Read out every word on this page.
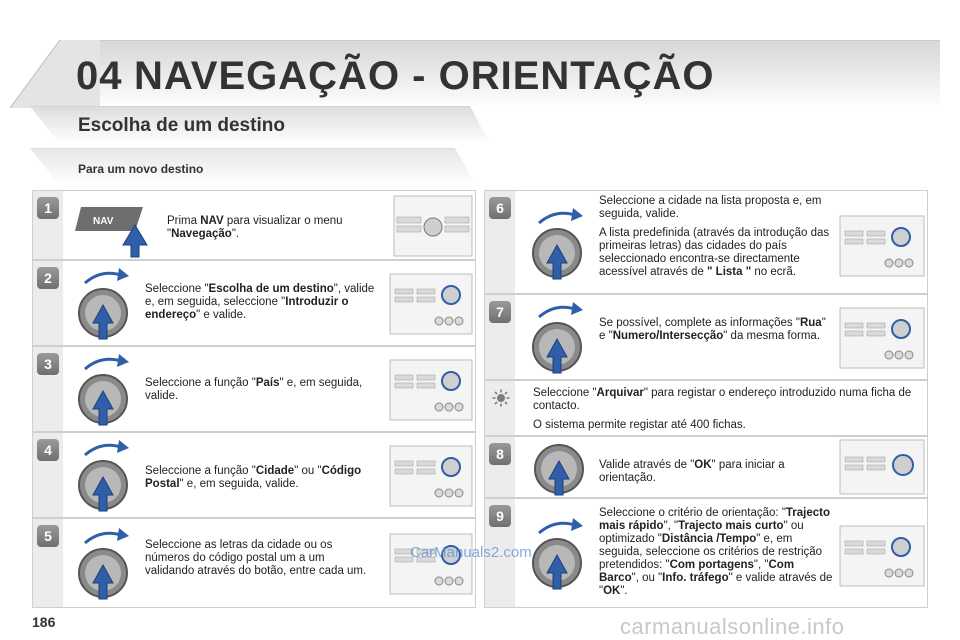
04 NAVEGAÇÃO - ORIENTAÇÃO
Escolha de um destino
Para um novo destino
1
NAV	Prima NAV para visualizar o menu "Navegação".
2
Seleccione "Escolha de um destino", valide e, em seguida, seleccione "Introduzir o endereço" e valide.
3
Seleccione a função "País" e, em seguida, valide.
4
Seleccione a função "Cidade" ou "Código Postal" e, em seguida, valide.
5
Seleccione as letras da cidade ou os números do código postal um a um validando através do botão, entre cada um.
6	Seleccione a cidade na lista proposta e, em seguida, valide.

A lista predefinida (através da introdução das primeiras letras) das cidades do país seleccionado encontra-se directamente acessível através de " Lista " no ecrã.

7
Se possível, complete as informações "Rua" e "Numero/Intersecção" da mesma forma.

Seleccione "Arquivar" para registar o endereço introduzido numa ficha de contacto.

O sistema permite registar até 400 fichas.

8
Valide através de "OK" para iniciar a orientação.
9	Seleccione o critério de orientação: "Trajecto mais rápido", "Trajecto mais curto" ou optimizado "Distância /Tempo" e, em seguida, seleccione os critérios de restrição pretendidos: "Com portagens", "Com Barco", ou "Info. tráfego" e valide através de "OK".
CarManuals2.com
186	carmanualsonline.info
